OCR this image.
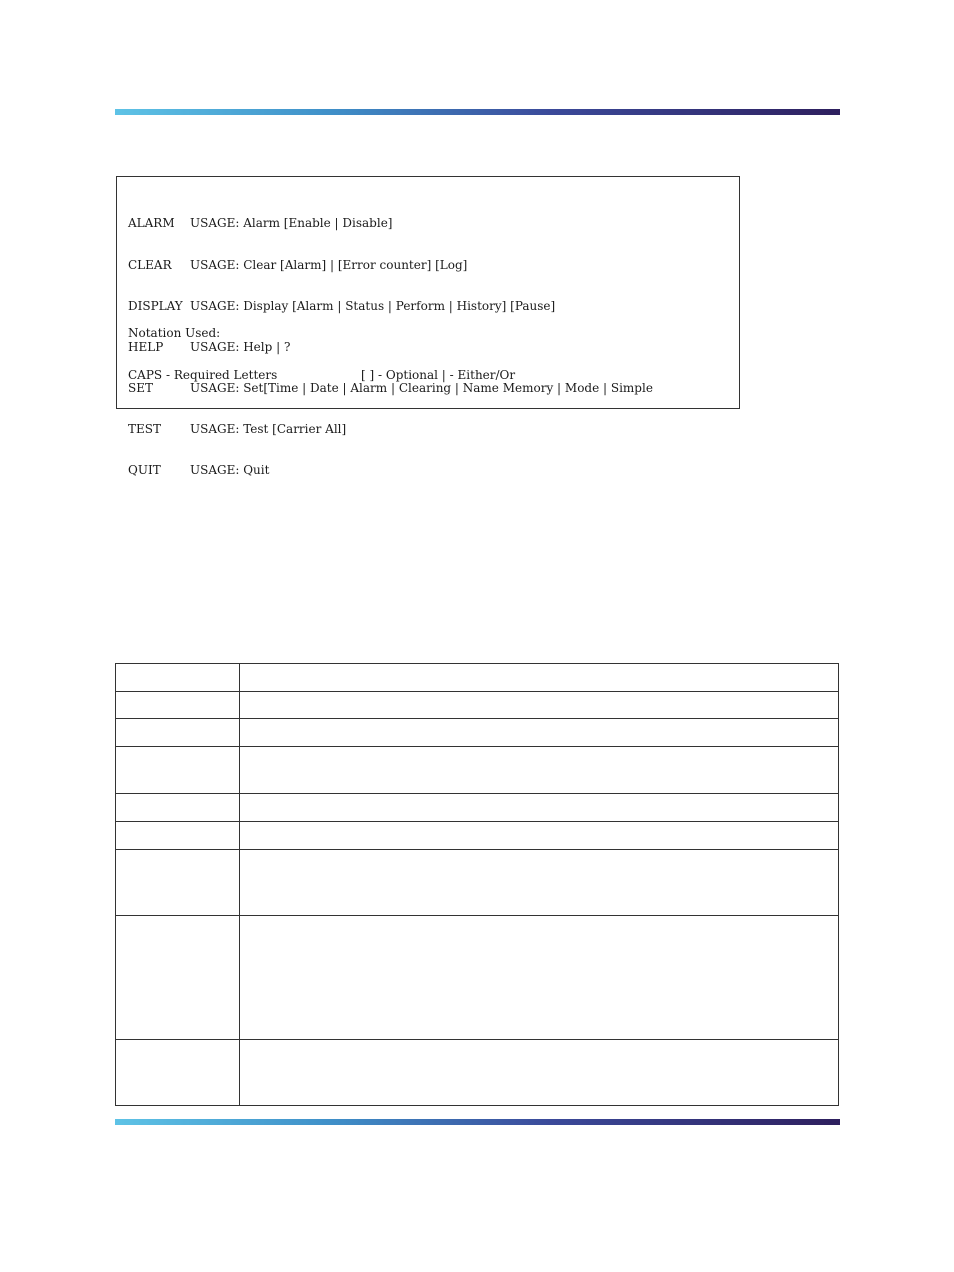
ALARM USAGE: Alarm [Enable | Disable]

CLEAR USAGE: Clear [Alarm] | [Error counter] [Log]

DISPLAY USAGE: Display [Alarm | Status | Perform | History] [Pause]

HELP USAGE: Help | ?

SET	USAGE: Set[Time | Date | Alarm | Clearing | Name Memory | Mode | Simple

TEST USAGE: Test [Carrier All]

QUIT USAGE: Quit

Notation Used:

CAPS - Required Letters	[ ] - Optional | - Either/Or
